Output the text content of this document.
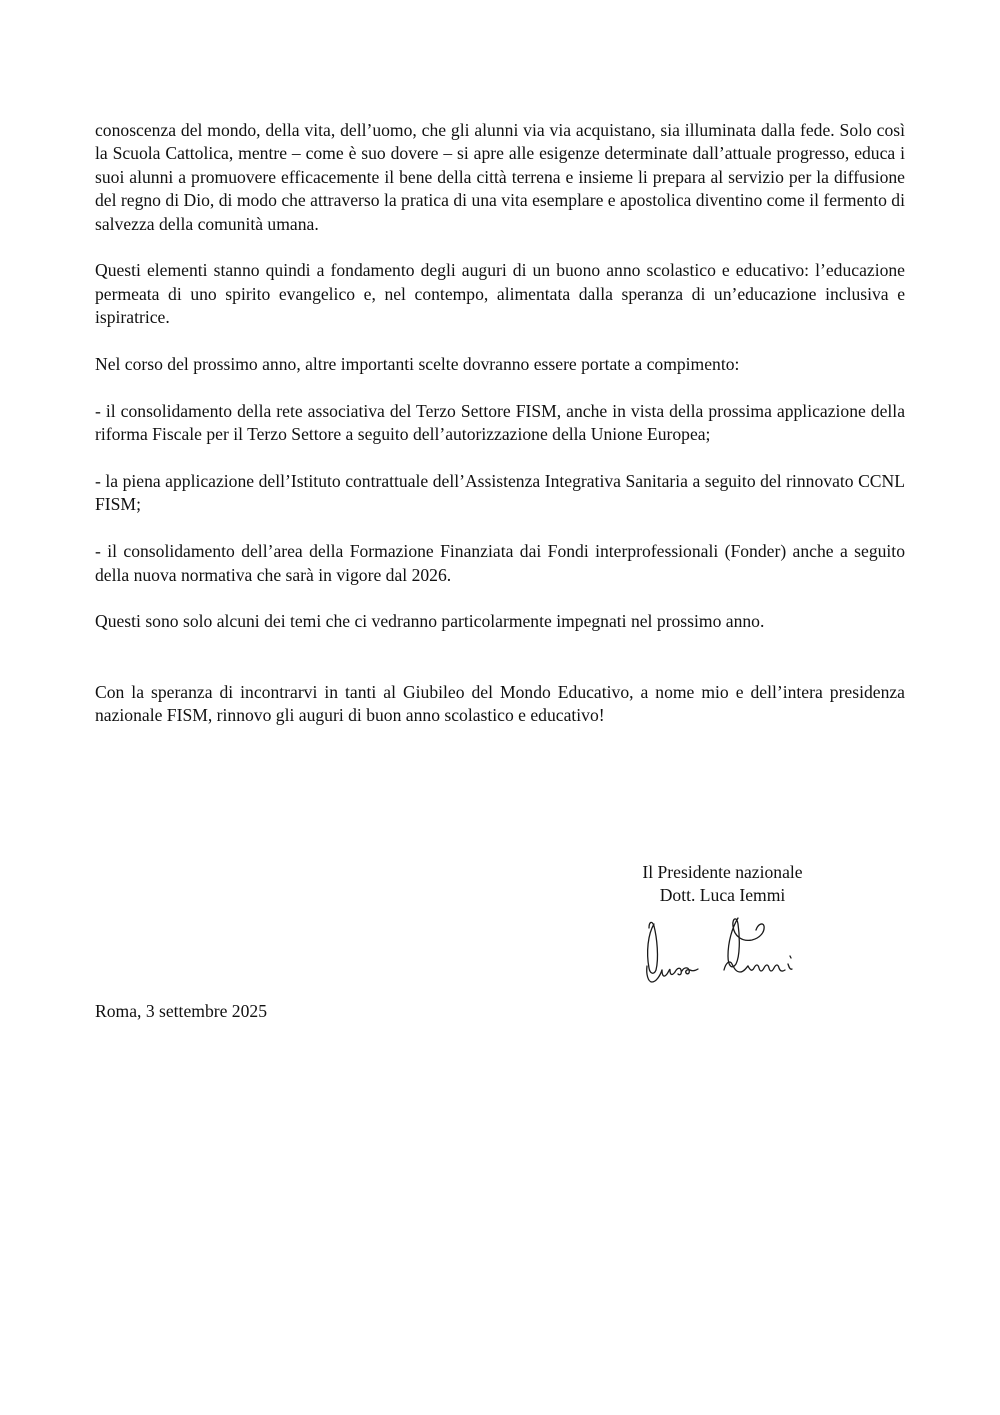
conoscenza del mondo, della vita, dell’uomo, che gli alunni via via acquistano, sia illuminata dalla fede. Solo così la Scuola Cattolica, mentre – come è suo dovere – si apre alle esigenze determinate dall’attuale progresso, educa i suoi alunni a promuovere efficacemente il bene della città terrena e insieme li prepara al servizio per la diffusione del regno di Dio, di modo che attraverso la pratica di una vita esemplare e apostolica diventino come il fermento di salvezza della comunità umana.

Questi elementi stanno quindi a fondamento degli auguri di un buono anno scolastico e educativo: l’educazione permeata di uno spirito evangelico e, nel contempo, alimentata dalla speranza di un’educazione inclusiva e ispiratrice.

Nel corso del prossimo anno, altre importanti scelte dovranno essere portate a compimento:

- il consolidamento della rete associativa del Terzo Settore FISM, anche in vista della prossima applicazione della riforma Fiscale per il Terzo Settore a seguito dell’autorizzazione della Unione Europea;

- la piena applicazione dell’Istituto contrattuale dell’Assistenza Integrativa Sanitaria a seguito del rinnovato CCNL FISM;

- il consolidamento dell’area della Formazione Finanziata dai Fondi interprofessionali (Fonder) anche a seguito della nuova normativa che sarà in vigore dal 2026.

Questi sono solo alcuni dei temi che ci vedranno particolarmente impegnati nel prossimo anno.

Con la speranza di incontrarvi in tanti al Giubileo del Mondo Educativo, a nome mio e dell’intera presidenza nazionale FISM, rinnovo gli auguri di buon anno scolastico e educativo!

Il Presidente nazionale
Dott. Luca Iemmi
Roma, 3 settembre 2025
